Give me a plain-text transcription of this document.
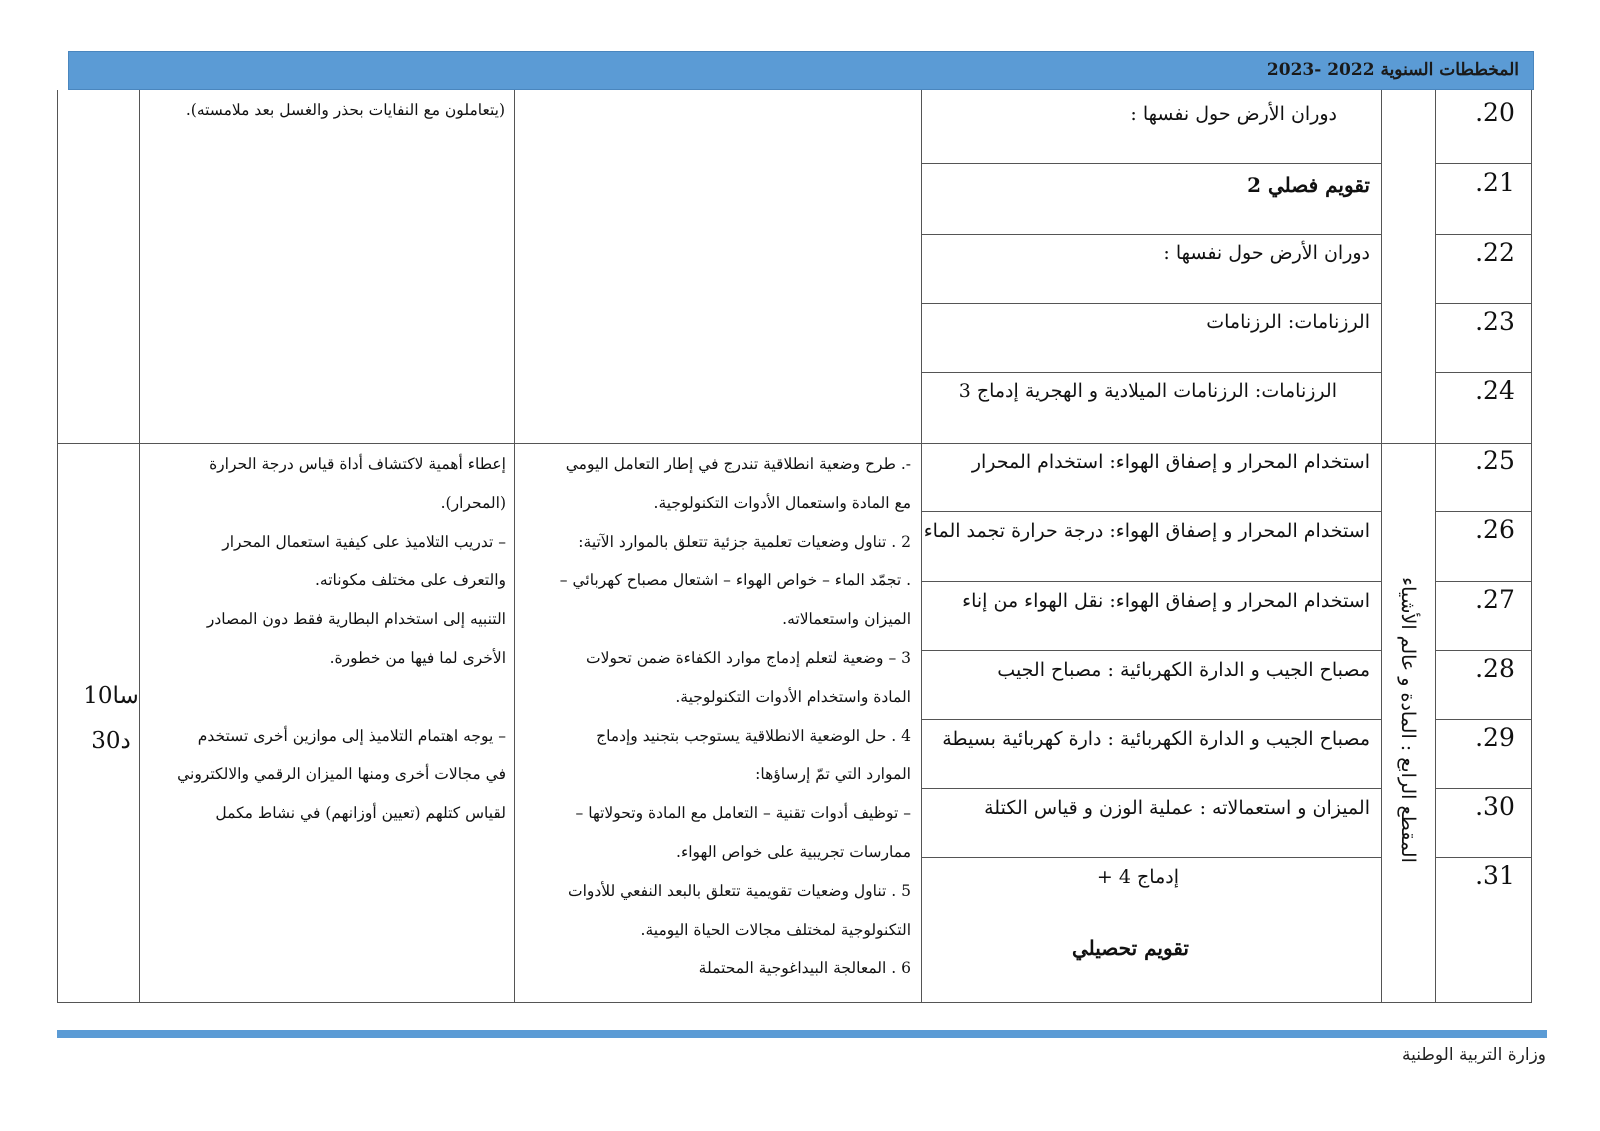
المخططات السنوية 2022 -2023
.20
.21
.22
.23
.24
.25
.26
.27
.28
.29
.30
.31
دوران الأرض حول نفسها :
تقويم فصلي 2
دوران الأرض حول نفسها :
الرزنامات: الرزنامات
الرزنامات: الرزنامات الميلادية و الهجرية إدماج 3
استخدام المحرار و إصفاق الهواء: استخدام المحرار
استخدام المحرار و إصفاق الهواء: درجة حرارة تجمد الماء
استخدام المحرار و إصفاق الهواء: نقل الهواء من إناء
مصباح الجيب و الدارة الكهربائية : مصباح الجيب
مصباح الجيب و الدارة الكهربائية : دارة كهربائية بسيطة
الميزان و استعمالاته : عملية الوزن و قياس الكتلة
إدماج 4 +
تقويم تحصيلي
المقطع الرابع : المادة و عالم الأشياء
(يتعاملون مع النفايات بحذر والغسل بعد ملامسته).

-. طرح وضعية انطلاقية تندرج في إطار التعامل اليومي

مع المادة واستعمال الأدوات التكنولوجية.

2 . تناول وضعيات تعلمية جزئية تتعلق بالموارد الآتية:

. تجمّد الماء – خواص الهواء – اشتعال مصباح كهربائي –

الميزان واستعمالاته.

3 – وضعية لتعلم إدماج موارد الكفاءة ضمن تحولات

المادة واستخدام الأدوات التكنولوجية.

4 . حل الوضعية الانطلاقية يستوجب بتجنيد وإدماج

الموارد التي تمّ إرساؤها:

– توظيف أدوات تقنية – التعامل مع المادة وتحولاتها –

ممارسات تجريبية على خواص الهواء.

5 . تناول وضعيات تقويمية تتعلق بالبعد النفعي للأدوات

التكنولوجية لمختلف مجالات الحياة اليومية.

6 . المعالجة البيداغوجية المحتملة

إعطاء أهمية لاكتشاف أداة قياس درجة الحرارة

(المحرار).

– تدريب التلاميذ على كيفية استعمال المحرار

والتعرف على مختلف مكوناته.

التنبيه إلى استخدام البطارية فقط دون المصادر

الأخرى لما فيها من خطورة.

– يوجه اهتمام التلاميذ إلى موازين أخرى تستخدم

في مجالات أخرى ومنها الميزان الرقمي والالكتروني

لقياس كتلهم (تعيين أوزانهم) في نشاط مكمل

10سا
30د
وزارة التربية الوطنية
